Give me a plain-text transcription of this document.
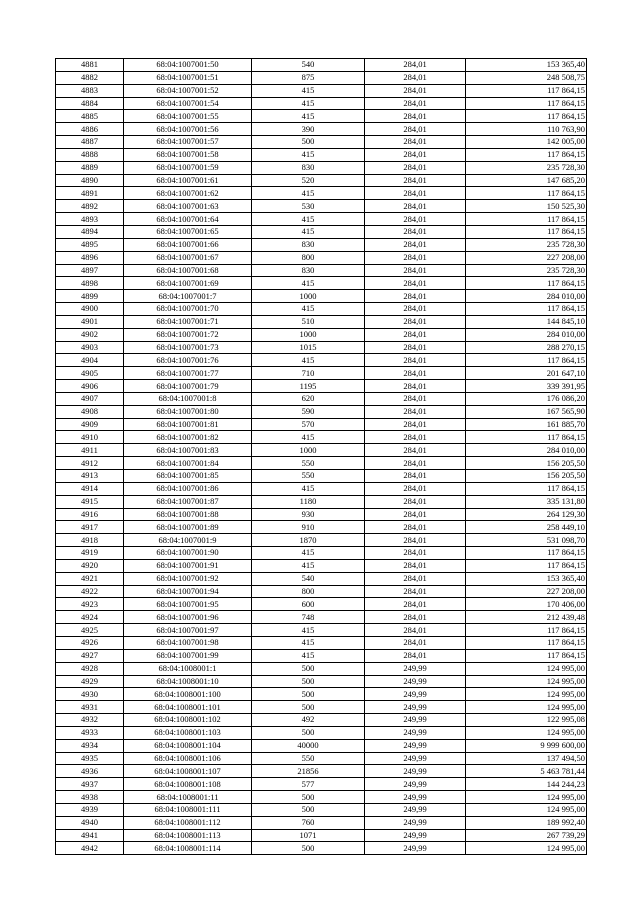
4881	68:04:1007001:50	540	284,01	153 365,40
4882	68:04:1007001:51	875	284,01	248 508,75
4883	68:04:1007001:52	415	284,01	117 864,15
4884	68:04:1007001:54	415	284,01	117 864,15
4885	68:04:1007001:55	415	284,01	117 864,15
4886	68:04:1007001:56	390	284,01	110 763,90
4887	68:04:1007001:57	500	284,01	142 005,00
4888	68:04:1007001:58	415	284,01	117 864,15
4889	68:04:1007001:59	830	284,01	235 728,30
4890	68:04:1007001:61	520	284,01	147 685,20
4891	68:04:1007001:62	415	284,01	117 864,15
4892	68:04:1007001:63	530	284,01	150 525,30
4893	68:04:1007001:64	415	284,01	117 864,15
4894	68:04:1007001:65	415	284,01	117 864,15
4895	68:04:1007001:66	830	284,01	235 728,30
4896	68:04:1007001:67	800	284,01	227 208,00
4897	68:04:1007001:68	830	284,01	235 728,30
4898	68:04:1007001:69	415	284,01	117 864,15
4899	68:04:1007001:7	1000	284,01	284 010,00
4900	68:04:1007001:70	415	284,01	117 864,15
4901	68:04:1007001:71	510	284,01	144 845,10
4902	68:04:1007001:72	1000	284,01	284 010,00
4903	68:04:1007001:73	1015	284,01	288 270,15
4904	68:04:1007001:76	415	284,01	117 864,15
4905	68:04:1007001:77	710	284,01	201 647,10
4906	68:04:1007001:79	1195	284,01	339 391,95
4907	68:04:1007001:8	620	284,01	176 086,20
4908	68:04:1007001:80	590	284,01	167 565,90
4909	68:04:1007001:81	570	284,01	161 885,70
4910	68:04:1007001:82	415	284,01	117 864,15
4911	68:04:1007001:83	1000	284,01	284 010,00
4912	68:04:1007001:84	550	284,01	156 205,50
4913	68:04:1007001:85	550	284,01	156 205,50
4914	68:04:1007001:86	415	284,01	117 864,15
4915	68:04:1007001:87	1180	284,01	335 131,80
4916	68:04:1007001:88	930	284,01	264 129,30
4917	68:04:1007001:89	910	284,01	258 449,10
4918	68:04:1007001:9	1870	284,01	531 098,70
4919	68:04:1007001:90	415	284,01	117 864,15
4920	68:04:1007001:91	415	284,01	117 864,15
4921	68:04:1007001:92	540	284,01	153 365,40
4922	68:04:1007001:94	800	284,01	227 208,00
4923	68:04:1007001:95	600	284,01	170 406,00
4924	68:04:1007001:96	748	284,01	212 439,48
4925	68:04:1007001:97	415	284,01	117 864,15
4926	68:04:1007001:98	415	284,01	117 864,15
4927	68:04:1007001:99	415	284,01	117 864,15
4928	68:04:1008001:1	500	249,99	124 995,00
4929	68:04:1008001:10	500	249,99	124 995,00
4930	68:04:1008001:100	500	249,99	124 995,00
4931	68:04:1008001:101	500	249,99	124 995,00
4932	68:04:1008001:102	492	249,99	122 995,08
4933	68:04:1008001:103	500	249,99	124 995,00
4934	68:04:1008001:104	40000	249,99	9 999 600,00
4935	68:04:1008001:106	550	249,99	137 494,50
4936	68:04:1008001:107	21856	249,99	5 463 781,44
4937	68:04:1008001:108	577	249,99	144 244,23
4938	68:04:1008001:11	500	249,99	124 995,00
4939	68:04:1008001:111	500	249,99	124 995,00
4940	68:04:1008001:112	760	249,99	189 992,40
4941	68:04:1008001:113	1071	249,99	267 739,29
4942	68:04:1008001:114	500	249,99	124 995,00
